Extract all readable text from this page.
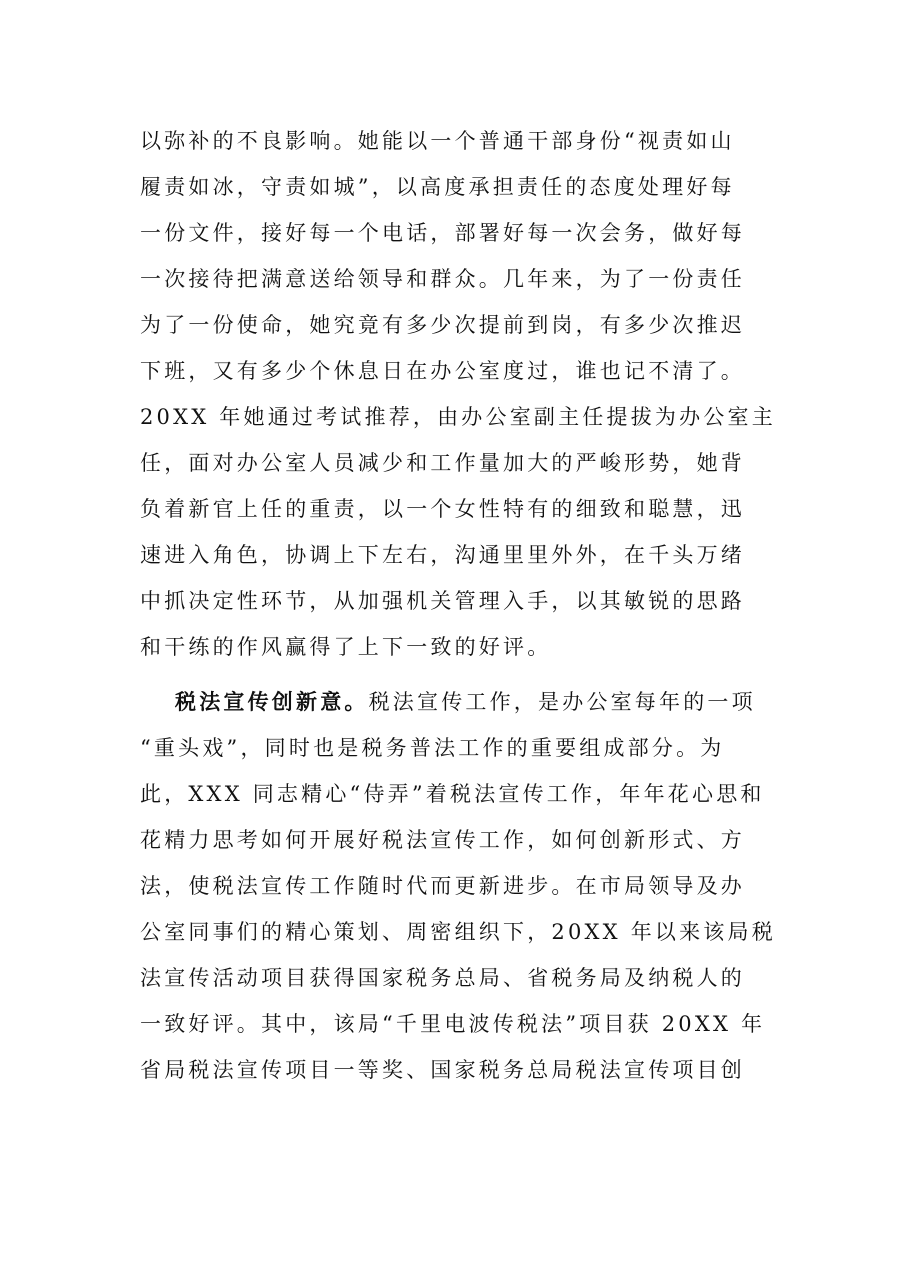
以弥补的不良影响。她能以一个普通干部身份“视责如山
履责如冰，守责如城”，以高度承担责任的态度处理好每
一份文件，接好每一个电话，部署好每一次会务，做好每
一次接待把满意送给领导和群众。几年来，为了一份责任
为了一份使命，她究竟有多少次提前到岗，有多少次推迟
下班，又有多少个休息日在办公室度过，谁也记不清了。
20XX 年她通过考试推荐，由办公室副主任提拔为办公室主
任，面对办公室人员减少和工作量加大的严峻形势，她背
负着新官上任的重责，以一个女性特有的细致和聪慧，迅
速进入角色，协调上下左右，沟通里里外外，在千头万绪
中抓决定性环节，从加强机关管理入手，以其敏锐的思路
和干练的作风赢得了上下一致的好评。
税法宣传创新意。税法宣传工作，是办公室每年的一项
“重头戏”，同时也是税务普法工作的重要组成部分。为
此，XXX 同志精心“侍弄”着税法宣传工作，年年花心思和
花精力思考如何开展好税法宣传工作，如何创新形式、方
法，使税法宣传工作随时代而更新进步。在市局领导及办
公室同事们的精心策划、周密组织下，20XX 年以来该局税
法宣传活动项目获得国家税务总局、省税务局及纳税人的
一致好评。其中，该局“千里电波传税法”项目获 20XX 年
省局税法宣传项目一等奖、国家税务总局税法宣传项目创
